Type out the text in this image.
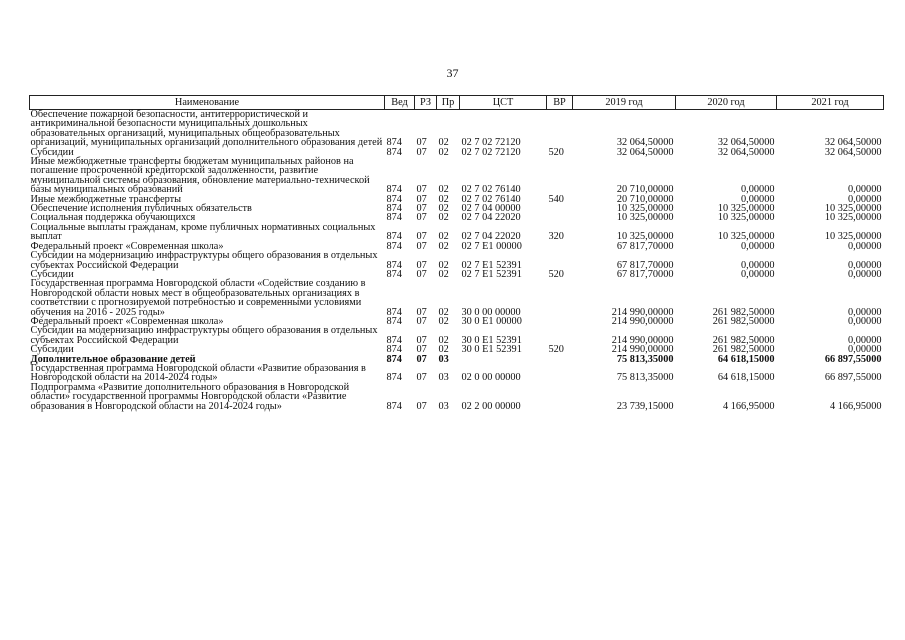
37
Наименование	Вед	РЗ	Пр	ЦСТ	ВР	2019 год	2020 год	2021 год
Обеспечение пожарной безопасности, антитеррористической и антикриминальной безопасности муниципальных дошкольных образовательных организаций, муниципальных общеобразовательных организаций, муниципальных организаций дополнительного образования детей	874	07	02	02 7 02 72120		32 064,50000	32 064,50000	32 064,50000
Субсидии	874	07	02	02 7 02 72120	520	32 064,50000	32 064,50000	32 064,50000
Иные межбюджетные трансферты бюджетам муниципальных районов на погашение просроченной кредиторской задолженности, развитие муниципальной системы образования, обновление материально-технической базы муниципальных образований	874	07	02	02 7 02 76140		20 710,00000	0,00000	0,00000
Иные межбюджетные трансферты	874	07	02	02 7 02 76140	540	20 710,00000	0,00000	0,00000
Обеспечение исполнения публичных обязательств	874	07	02	02 7 04 00000		10 325,00000	10 325,00000	10 325,00000
Социальная поддержка обучающихся	874	07	02	02 7 04 22020		10 325,00000	10 325,00000	10 325,00000
Социальные выплаты гражданам, кроме публичных нормативных социальных выплат	874	07	02	02 7 04 22020	320	10 325,00000	10 325,00000	10 325,00000
Федеральный проект «Современная школа»	874	07	02	02 7 E1 00000		67 817,70000	0,00000	0,00000
Субсидии на модернизацию инфраструктуры общего образования в отдельных субъектах Российской Федерации	874	07	02	02 7 E1 52391		67 817,70000	0,00000	0,00000
Субсидии	874	07	02	02 7 E1 52391	520	67 817,70000	0,00000	0,00000
Государственная программа Новгородской области «Содействие созданию в Новгородской области новых мест в общеобразовательных организациях в соответствии с прогнозируемой потребностью и современными условиями обучения на 2016 - 2025 годы»	874	07	02	30 0 00 00000		214 990,00000	261 982,50000	0,00000
Федеральный проект «Современная школа»	874	07	02	30 0 E1 00000		214 990,00000	261 982,50000	0,00000
Субсидии на модернизацию инфраструктуры общего образования в отдельных субъектах Российской Федерации	874	07	02	30 0 E1 52391		214 990,00000	261 982,50000	0,00000
Субсидии	874	07	02	30 0 E1 52391	520	214 990,00000	261 982,50000	0,00000
Дополнительное образование детей	874	07	03			75 813,35000	64 618,15000	66 897,55000
Государственная программа Новгородской области «Развитие образования в Новгородской области на 2014-2024 годы»	874	07	03	02 0 00 00000		75 813,35000	64 618,15000	66 897,55000
Подпрограмма «Развитие дополнительного образования в Новгородской области» государственной программы Новгородской области «Развитие образования в Новгородской области на 2014-2024 годы»	874	07	03	02 2 00 00000		23 739,15000	4 166,95000	4 166,95000
